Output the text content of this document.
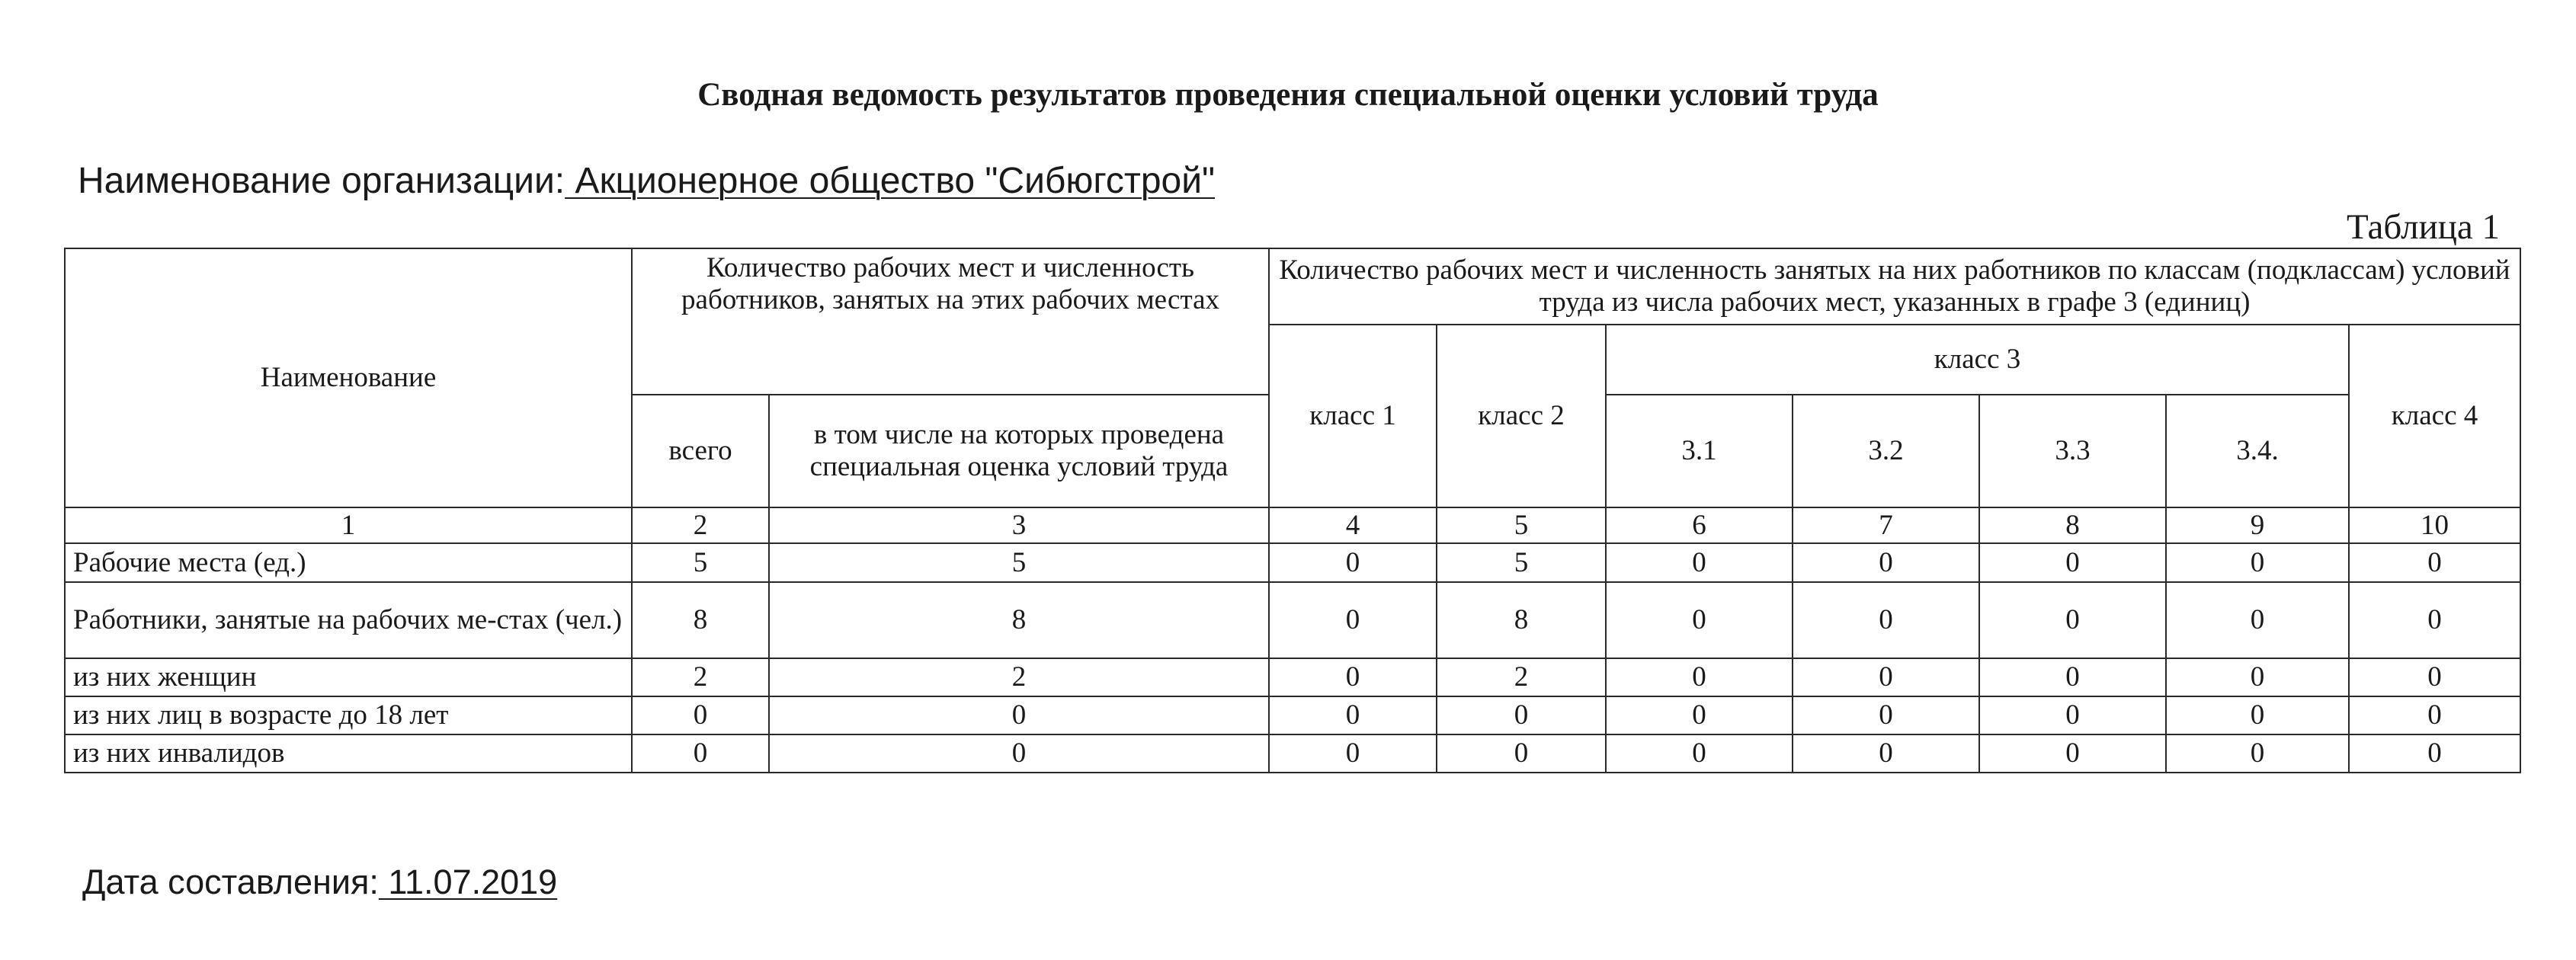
Сводная ведомость результатов проведения специальной оценки условий труда
Наименование организации: Акционерное общество "Сибюгстрой"
Таблица 1
Наименование	Количество рабочих мест и численность работников, занятых на этих рабочих местах		Количество рабочих мест и численность занятых на них работников по классам (подклассам) условий труда из числа рабочих мест, указанных в графе 3 (единиц)						
			класс 1	класс 2	класс 3				класс 4
	всего	в том числе на которых проведена специальная оценка условий труда			3.1	3.2	3.3	3.4.	
1	2	3	4	5	6	7	8	9	10
Рабочие места (ед.)	5	5	0	5	0	0	0	0	0
Работники, занятые на рабочих ме-стах (чел.)	8	8	0	8	0	0	0	0	0
из них женщин	2	2	0	2	0	0	0	0	0
из них лиц в возрасте до 18 лет	0	0	0	0	0	0	0	0	0
из них инвалидов	0	0	0	0	0	0	0	0	0
Дата составления: 11.07.2019
